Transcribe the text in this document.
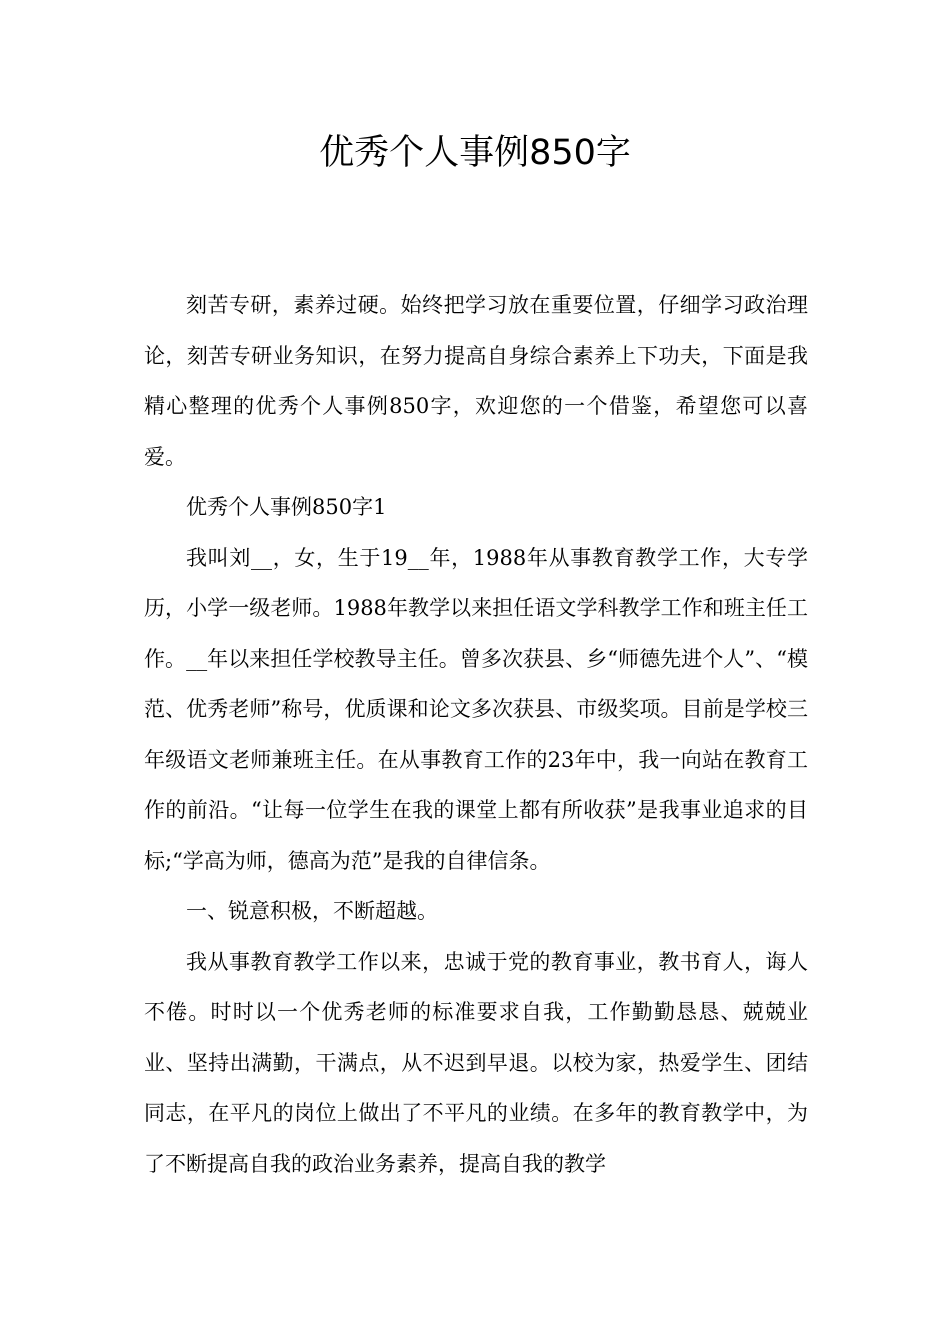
优秀个人事例850字

刻苦专研，素养过硬。始终把学习放在重要位置，仔细学习政治理论，刻苦专研业务知识，在努力提高自身综合素养上下功夫，下面是我精心整理的优秀个人事例850字，欢迎您的一个借鉴，希望您可以喜爱。

优秀个人事例850字1

我叫刘__，女，生于19__年，1988年从事教育教学工作，大专学历，小学一级老师。1988年教学以来担任语文学科教学工作和班主任工作。__年以来担任学校教导主任。曾多次获县、乡“师德先进个人”、“模范、优秀老师”称号，优质课和论文多次获县、市级奖项。目前是学校三年级语文老师兼班主任。在从事教育工作的23年中，我一向站在教育工作的前沿。“让每一位学生在我的课堂上都有所收获”是我事业追求的目标;“学高为师，德高为范”是我的自律信条。

一、锐意积极，不断超越。

我从事教育教学工作以来，忠诚于党的教育事业，教书育人，诲人不倦。时时以一个优秀老师的标准要求自我，工作勤勤恳恳、兢兢业业、坚持出满勤，干满点，从不迟到早退。以校为家，热爱学生、团结同志，在平凡的岗位上做出了不平凡的业绩。在多年的教育教学中，为了不断提高自我的政治业务素养，提高自我的教学
